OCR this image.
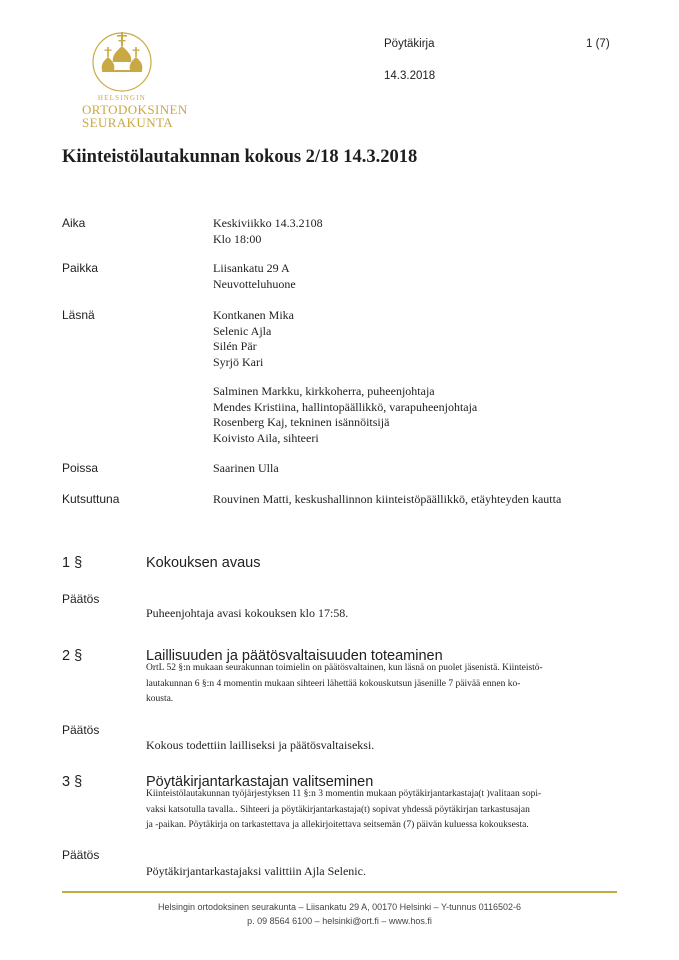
HELSINGIN
ORTODOKSINEN
SEURAKUNTA
Pöytäkirja	1 (7)
14.3.2018
Kiinteistölautakunnan kokous 2/18 14.3.2018
Aika	Keskiviikko 14.3.2108
Klo 18:00
Paikka	Liisankatu 29 A
Neuvotteluhuone
Läsnä	Kontkanen Mika
Selenic Ajla
Silén Pär
Syrjö Kari
Salminen Markku, kirkkoherra, puheenjohtaja
Mendes Kristiina, hallintopäällikkö, varapuheenjohtaja
Rosenberg Kaj, tekninen isännöitsijä
Koivisto Aila, sihteeri
Poissa	Saarinen Ulla
Kutsuttuna	Rouvinen Matti, keskushallinnon kiinteistöpäällikkö, etäyhteyden kautta
1 §	Kokouksen avaus
Päätös
Puheenjohtaja avasi kokouksen klo 17:58.
2 §	Laillisuuden ja päätösvaltaisuuden toteaminen
OrtL 52 §:n mukaan seurakunnan toimielin on päätösvaltainen, kun läsnä on puolet jäsenistä. Kiinteistö-
lautakunnan 6 §:n 4 momentin mukaan sihteeri lähettää kokouskutsun jäsenille 7 päivää ennen ko-
kousta.
Päätös
Kokous todettiin lailliseksi ja päätösvaltaiseksi.
3 §	Pöytäkirjantarkastajan valitseminen
Kiinteistölautakunnan työjärjestyksen 11 §:n 3 momentin mukaan pöytäkirjantarkastaja(t )valitaan sopi-
vaksi katsotulla tavalla.. Sihteeri ja pöytäkirjantarkastaja(t) sopivat yhdessä pöytäkirjan tarkastusajan
ja -paikan. Pöytäkirja on tarkastettava ja allekirjoitettava seitsemän (7) päivän kuluessa kokouksesta.
Päätös
Pöytäkirjantarkastajaksi valittiin Ajla Selenic.
Helsingin ortodoksinen seurakunta – Liisankatu 29 A, 00170 Helsinki – Y-tunnus 0116502-6
p. 09 8564 6100 – helsinki@ort.fi – www.hos.fi
